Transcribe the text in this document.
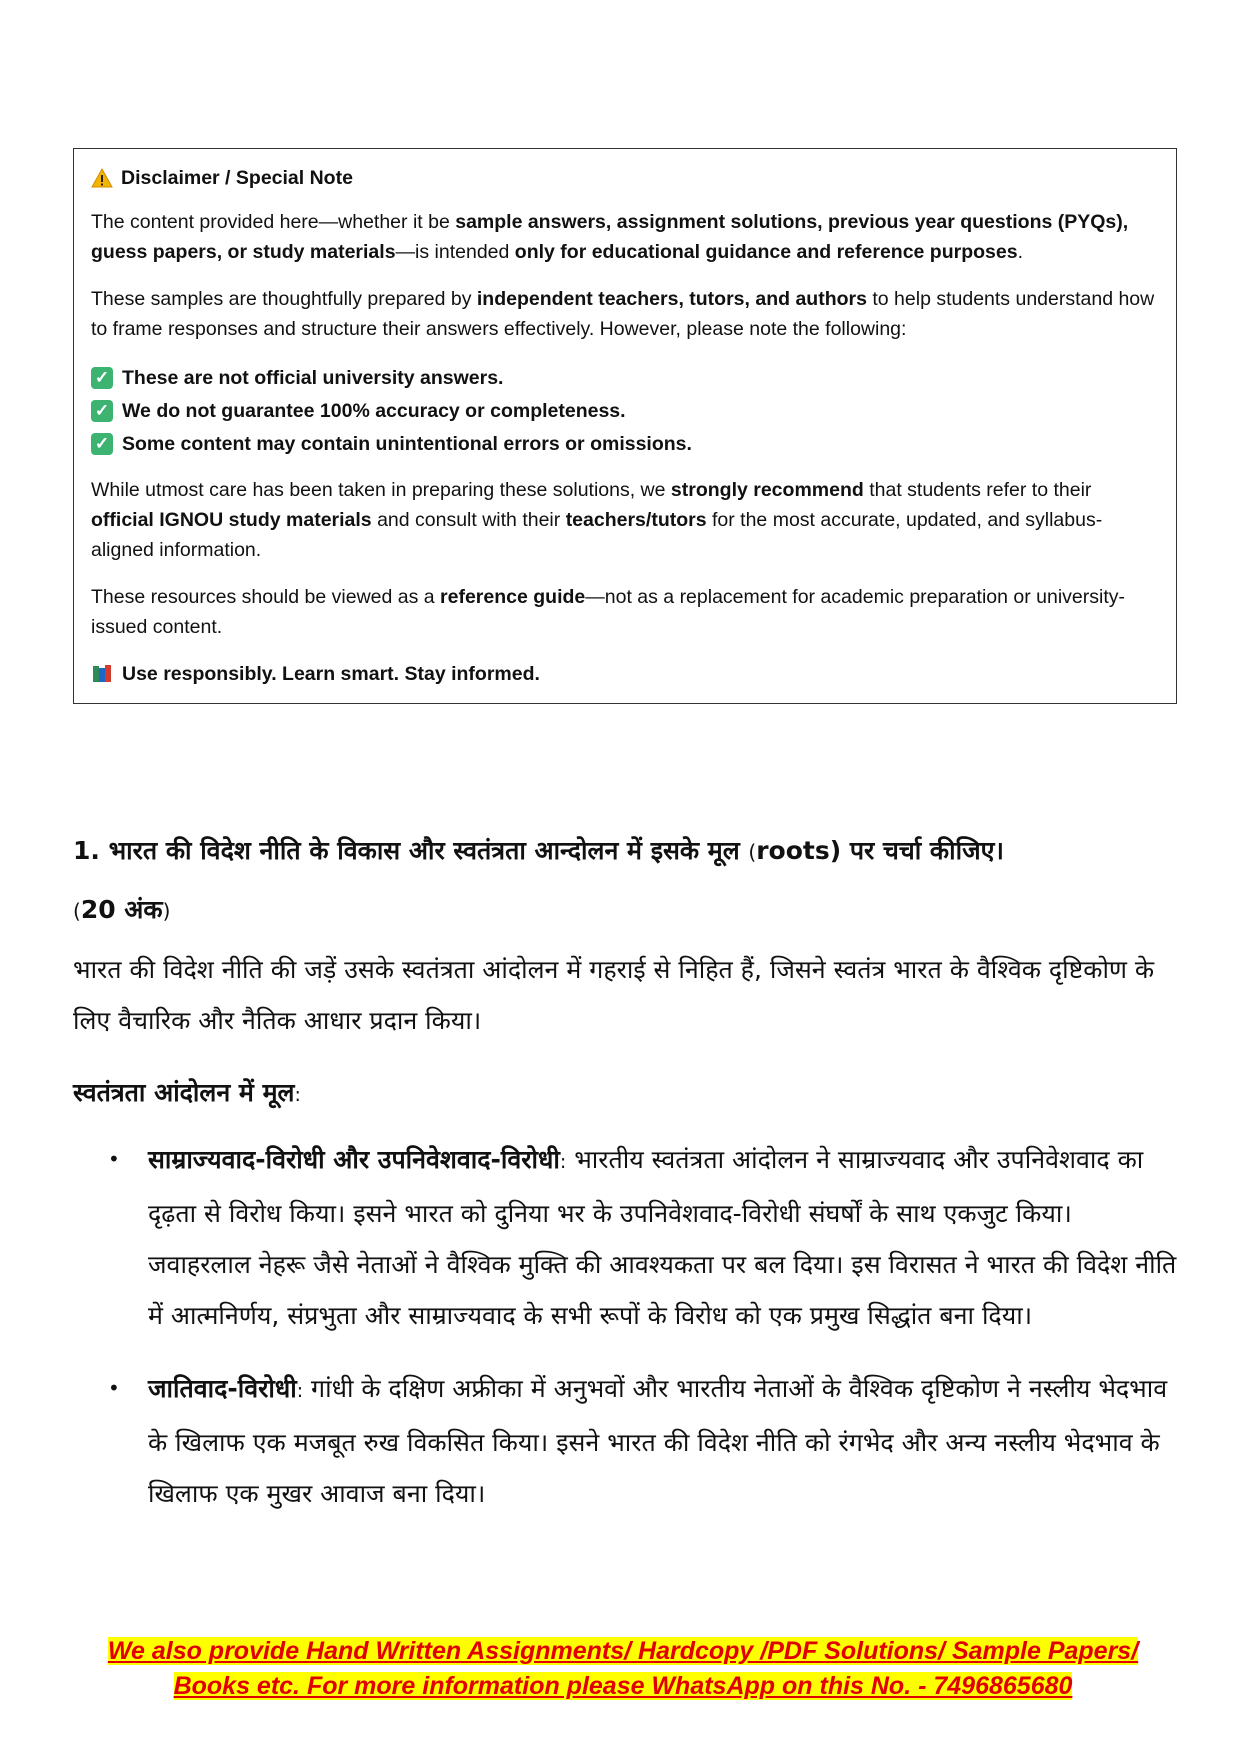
Disclaimer / Special Note

The content provided here—whether it be sample answers, assignment solutions, previous year questions (PYQs), guess papers, or study materials—is intended only for educational guidance and reference purposes.

These samples are thoughtfully prepared by independent teachers, tutors, and authors to help students understand how to frame responses and structure their answers effectively. However, please note the following:

✓ These are not official university answers.
✓ We do not guarantee 100% accuracy or completeness.
✓ Some content may contain unintentional errors or omissions.

While utmost care has been taken in preparing these solutions, we strongly recommend that students refer to their official IGNOU study materials and consult with their teachers/tutors for the most accurate, updated, and syllabus-aligned information.

These resources should be viewed as a reference guide—not as a replacement for academic preparation or university-issued content.

Use responsibly. Learn smart. Stay informed.
1. भारत की विदेश नीति के विकास और स्वतंत्रता आन्दोलन में इसके मूल (roots) पर चर्चा कीजिए।
(20 अंक)
भारत की विदेश नीति की जड़ें उसके स्वतंत्रता आंदोलन में गहराई से निहित हैं, जिसने स्वतंत्र भारत के वैश्विक दृष्टिकोण के लिए वैचारिक और नैतिक आधार प्रदान किया।
स्वतंत्रता आंदोलन में मूल:
•	साम्राज्यवाद-विरोधी और उपनिवेशवाद-विरोधी: भारतीय स्वतंत्रता आंदोलन ने साम्राज्यवाद और उपनिवेशवाद का दृढ़ता से विरोध किया। इसने भारत को दुनिया भर के उपनिवेशवाद-विरोधी संघर्षों के साथ एकजुट किया। जवाहरलाल नेहरू जैसे नेताओं ने वैश्विक मुक्ति की आवश्यकता पर बल दिया। इस विरासत ने भारत की विदेश नीति में आत्मनिर्णय, संप्रभुता और साम्राज्यवाद के सभी रूपों के विरोध को एक प्रमुख सिद्धांत बना दिया।
•	जातिवाद-विरोधी: गांधी के दक्षिण अफ्रीका में अनुभवों और भारतीय नेताओं के वैश्विक दृष्टिकोण ने नस्लीय भेदभाव के खिलाफ एक मजबूत रुख विकसित किया। इसने भारत की विदेश नीति को रंगभेद और अन्य नस्लीय भेदभाव के खिलाफ एक मुखर आवाज बना दिया।
We also provide Hand Written Assignments/ Hardcopy /PDF Solutions/ Sample Papers/
Books etc. For more information please WhatsApp on this No. - 7496865680
